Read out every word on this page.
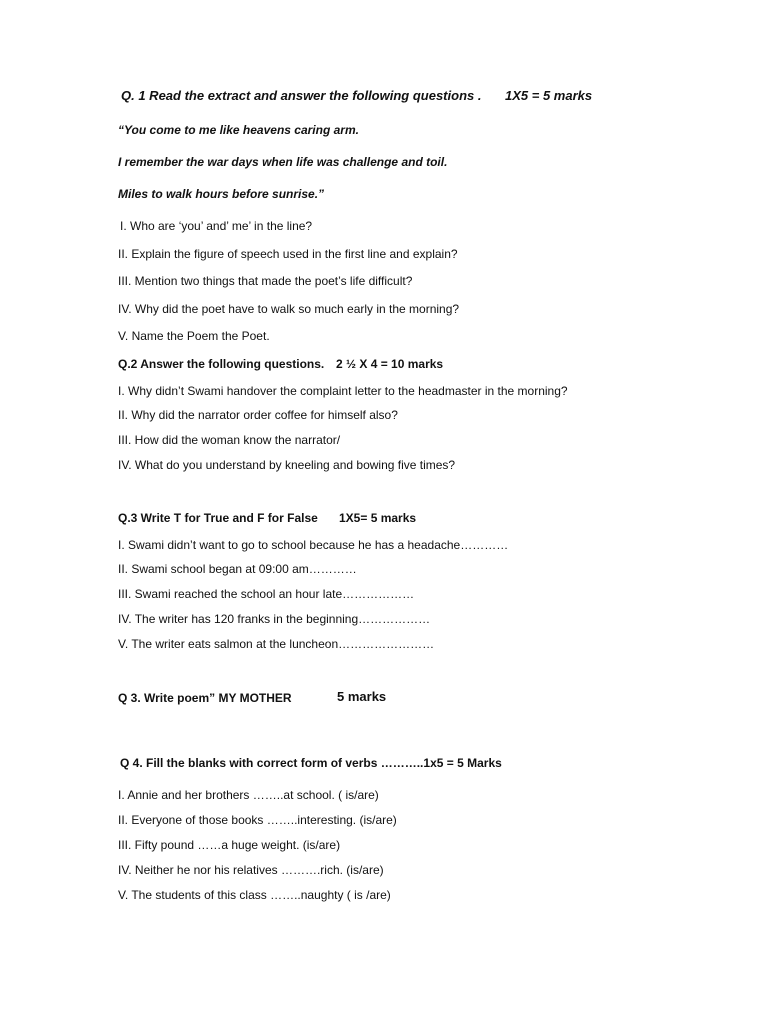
Q. 1 Read the extract and answer the following questions . 1X5 = 5 marks
“You come to me like heavens caring arm.
I remember the war days when life was challenge and toil.
Miles to walk hours before sunrise.”
I. Who are ‘you’ and’ me’ in the line?
II. Explain the figure of speech used in the first line and explain?
III. Mention two things that made the poet’s life difficult?
IV. Why did the poet have to walk so much early in the morning?
V. Name the Poem the Poet.
Q.2 Answer the following questions. 2 ½ X 4 = 10 marks
I. Why didn’t Swami handover the complaint letter to the headmaster in the morning?
II. Why did the narrator order coffee for himself also?
III. How did the woman know the narrator/
IV. What do you understand by kneeling and bowing five times?
Q.3 Write T for True and F for False 1X5= 5 marks
I. Swami didn’t want to go to school because he has a headache…………
II. Swami school began at 09:00 am…………
III. Swami reached the school an hour late………………
IV. The writer has 120 franks in the beginning………………
V. The writer eats salmon at the luncheon……………………
Q 3. Write poem” MY MOTHER	5 marks
Q 4. Fill the blanks with correct form of verbs ………..1x5 = 5 Marks
I. Annie and her brothers ……..at school. ( is/are)
II. Everyone of those books ……..interesting. (is/are)
III. Fifty pound ……a huge weight. (is/are)
IV. Neither he nor his relatives ……….rich. (is/are)
V. The students of this class ……..naughty ( is /are)
